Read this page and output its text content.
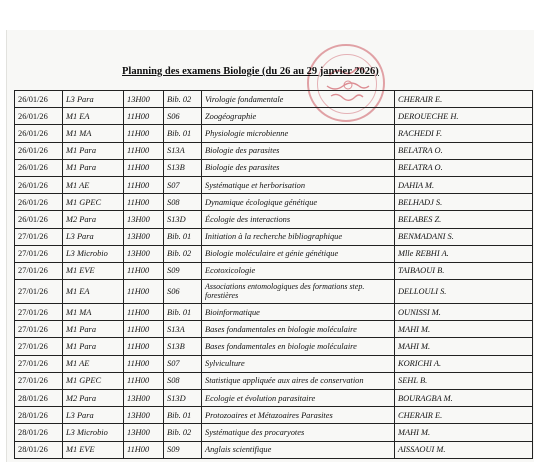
Planning des examens Biologie (du 26 au 29 janvier 2026)
26/01/26	L3 Para	13H00	Bib. 02	Virologie fondamentale	CHERAIR E.
26/01/26	M1 EA	11H00	S06	Zoogéographie	DEROUECHE H.
26/01/26	M1 MA	11H00	Bib. 01	Physiologie microbienne	RACHEDI F.
26/01/26	M1 Para	11H00	S13A	Biologie des parasites	BELATRA O.
26/01/26	M1 Para	11H00	S13B	Biologie des parasites	BELATRA O.
26/01/26	M1 AE	11H00	S07	Systématique et herborisation	DAHIA M.
26/01/26	M1 GPEC	11H00	S08	Dynamique écologique génétique	BELHADJ S.
26/01/26	M2 Para	13H00	S13D	Écologie des interactions	BELABES Z.
27/01/26	L3 Para	13H00	Bib. 01	Initiation à la recherche bibliographique	BENMADANI S.
27/01/26	L3 Microbio	13H00	Bib. 02	Biologie moléculaire et génie génétique	Mlle REBHI A.
27/01/26	M1 EVE	11H00	S09	Ecotoxicologie	TAIBAOUI B.
27/01/26	M1 EA	11H00	S06	Associations entomologiques des formations step. forestières	DELLOULI S.
27/01/26	M1 MA	11H00	Bib. 01	Bioinformatique	OUNISSI M.
27/01/26	M1 Para	11H00	S13A	Bases fondamentales en biologie moléculaire	MAHI M.
27/01/26	M1 Para	11H00	S13B	Bases fondamentales en biologie moléculaire	MAHI M.
27/01/26	M1 AE	11H00	S07	Sylviculture	KORICHI A.
27/01/26	M1 GPEC	11H00	S08	Statistique appliquée aux aires de conservation	SEHL B.
28/01/26	M2 Para	13H00	S13D	Ecologie et évolution parasitaire	BOURAGBA M.
28/01/26	L3 Para	13H00	Bib. 01	Protozoaires et Métazoaires Parasites	CHERAIR E.
28/01/26	L3 Microbio	13H00	Bib. 02	Systématique des procaryotes	MAHI M.
28/01/26	M1 EVE	11H00	S09	Anglais scientifique	AISSAOUI M.
